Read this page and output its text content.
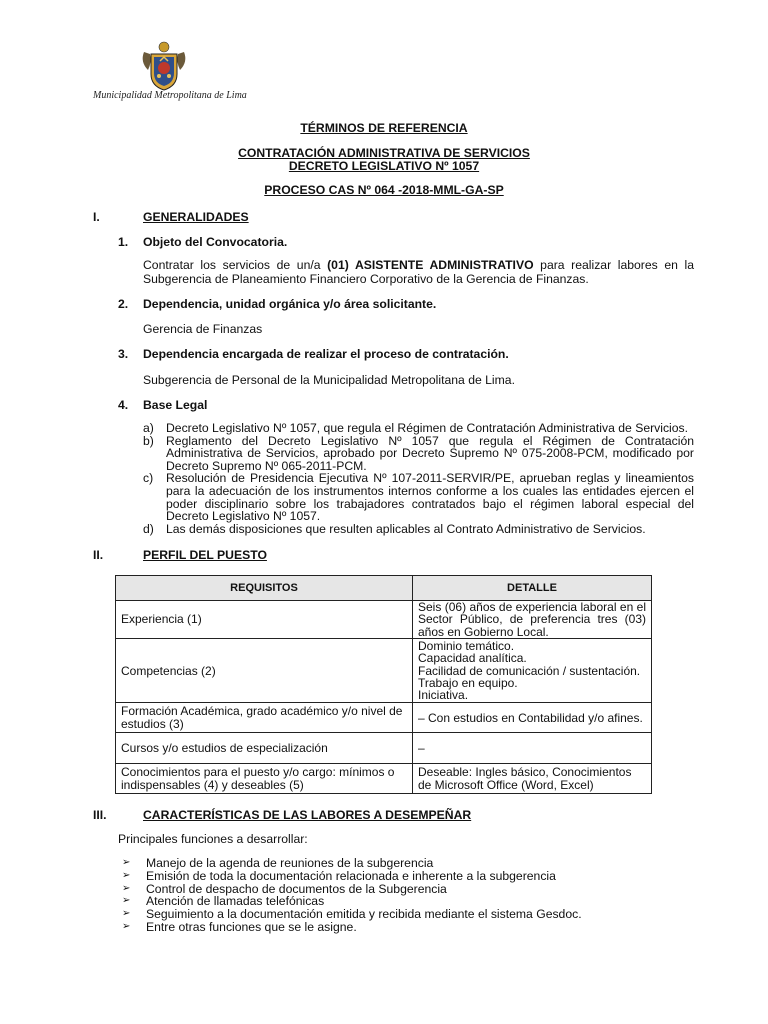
Municipalidad Metropolitana de Lima
TÉRMINOS DE REFERENCIA
CONTRATACIÓN ADMINISTRATIVA DE SERVICIOS
DECRETO LEGISLATIVO Nº 1057
PROCESO CAS Nº 064 -2018-MML-GA-SP
I.	GENERALIDADES
1. Objeto del Convocatoria.
Contratar los servicios de un/a (01) ASISTENTE ADMINISTRATIVO para realizar labores en la Subgerencia de Planeamiento Financiero Corporativo de la Gerencia de Finanzas.
2. Dependencia, unidad orgánica y/o área solicitante.
Gerencia de Finanzas
3. Dependencia encargada de realizar el proceso de contratación.
Subgerencia de Personal de la Municipalidad Metropolitana de Lima.
4. Base Legal
a) Decreto Legislativo Nº 1057, que regula el Régimen de Contratación Administrativa de Servicios.
b) Reglamento del Decreto Legislativo Nº 1057 que regula el Régimen de Contratación Administrativa de Servicios, aprobado por Decreto Supremo Nº 075-2008-PCM, modificado por Decreto Supremo Nº 065-2011-PCM.
c)	Resolución de Presidencia Ejecutiva Nº 107-2011-SERVIR/PE, aprueban reglas y lineamientos para la adecuación de los instrumentos internos conforme a los cuales las entidades ejercen el poder disciplinario sobre los trabajadores contratados bajo el régimen laboral especial del Decreto Legislativo Nº 1057.
d) Las demás disposiciones que resulten aplicables al Contrato Administrativo de Servicios.
II.	PERFIL DEL PUESTO
REQUISITOS	DETALLE
Experiencia (1)	Seis (06) años de experiencia laboral en el Sector Público, de preferencia tres (03) años en Gobierno Local.

Competencias (2)	Dominio temático.
Capacidad analítica.
Facilidad de comunicación / sustentación.
Trabajo en equipo.
Iniciativa.

Formación Académica, grado académico y/o nivel de estudios (3)	– Con estudios en Contabilidad y/o afines.
Cursos y/o estudios de especialización	–
Conocimientos para el puesto y/o cargo: mínimos o indispensables (4) y deseables (5)	Deseable: Ingles básico, Conocimientos de Microsoft Office (Word, Excel)
III.	CARACTERÍSTICAS DE LAS LABORES A DESEMPEÑAR
Principales funciones a desarrollar:
➢	Manejo de la agenda de reuniones de la subgerencia
➢	Emisión de toda la documentación relacionada e inherente a la subgerencia
➢	Control de despacho de documentos de la Subgerencia
➢	Atención de llamadas telefónicas
➢	Seguimiento a la documentación emitida y recibida mediante el sistema Gesdoc.
➢	Entre otras funciones que se le asigne.
